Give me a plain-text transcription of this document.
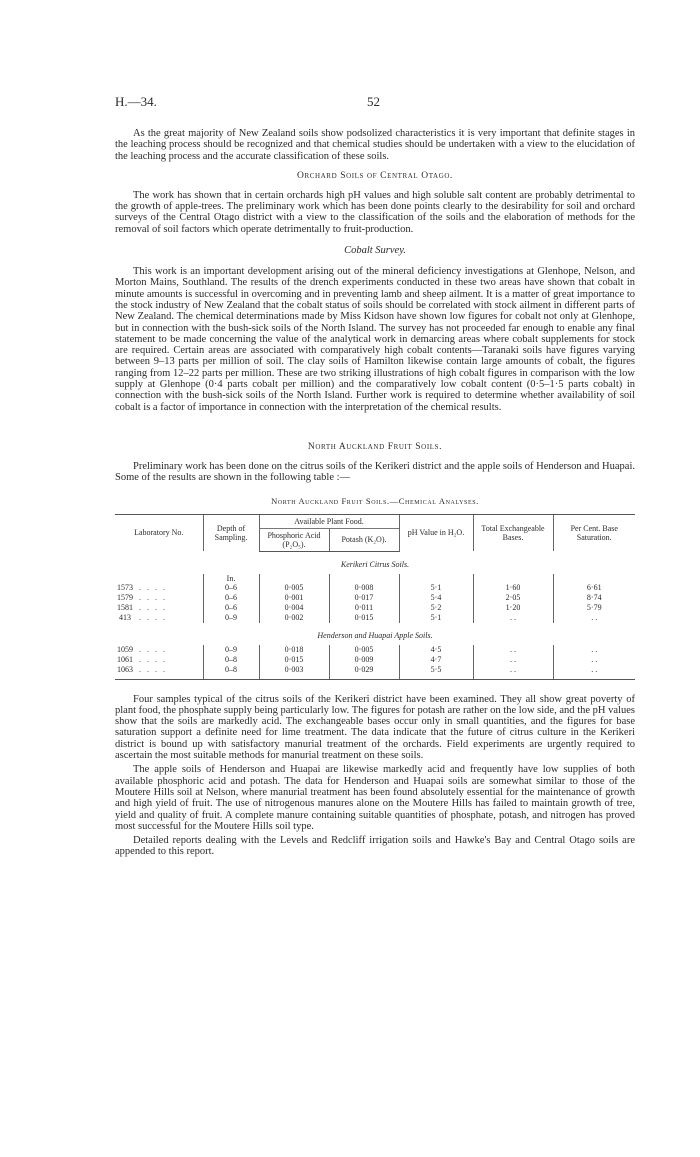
H.—34.	52

As the great majority of New Zealand soils show podsolized characteristics it is very important that definite stages in the leaching process should be recognized and that chemical studies should be undertaken with a view to the elucidation of the leaching process and the accurate classification of these soils.

Orchard Soils of Central Otago.

The work has shown that in certain orchards high pH values and high soluble salt content are probably detrimental to the growth of apple-trees. The preliminary work which has been done points clearly to the desirability for soil and orchard surveys of the Central Otago district with a view to the classification of the soils and the elaboration of methods for the removal of soil factors which operate detrimentally to fruit-production.

Cobalt Survey.

This work is an important development arising out of the mineral deficiency investigations at Glenhope, Nelson, and Morton Mains, Southland. The results of the drench experiments conducted in these two areas have shown that cobalt in minute amounts is successful in overcoming and in preventing lamb and sheep ailment. It is a matter of great importance to the stock industry of New Zealand that the cobalt status of soils should be correlated with stock ailment in different parts of New Zealand. The chemical determinations made by Miss Kidson have shown low figures for cobalt not only at Glenhope, but in connection with the bush-sick soils of the North Island. The survey has not proceeded far enough to enable any final statement to be made concerning the value of the analytical work in demarcing areas where cobalt supplements for stock are required. Certain areas are associated with comparatively high cobalt contents—Taranaki soils have figures varying between 9–13 parts per million of soil. The clay soils of Hamilton likewise contain large amounts of cobalt, the figures ranging from 12–22 parts per million. These are two striking illustrations of high cobalt figures in comparison with the low supply at Glenhope (0·4 parts cobalt per million) and the comparatively low cobalt content (0·5–1·5 parts cobalt) in connection with the bush-sick soils of the North Island. Further work is required to determine whether availability of soil cobalt is a factor of importance in connection with the interpretation of the chemical results.

North Auckland Fruit Soils.

Preliminary work has been done on the citrus soils of the Kerikeri district and the apple soils of Henderson and Huapai. Some of the results are shown in the following table :—

North Auckland Fruit Soils.—Chemical Analyses.
Laboratory No.	Depth of Sampling.	Available Plant Food.		pH Value in H₂O.	Total Exchangeable Bases.	Per Cent. Base Saturation.
		Phosphoric Acid (P₂O₅).	Potash (K₂O).			
Kerikeri Citrus Soils.						
	In.					
1573 . . . .	0–6	0·005	0·008	5·1	1·60	6·61
1579 . . . .	0–6	0·001	0·017	5·4	2·05	8·74
1581 . . . .	0–6	0·004	0·011	5·2	1·20	5·79
413 . . . .	0–9	0·002	0·015	5·1	. .	. .
Henderson and Huapai Apple Soils.						
1059 . . . .	0–9	0·018	0·005	4·5	. .	. .
1061 . . . .	0–8	0·015	0·009	4·7	. .	. .
1063 . . . .	0–8	0·003	0·029	5·5	. .	. .

Four samples typical of the citrus soils of the Kerikeri district have been examined. They all show great poverty of plant food, the phosphate supply being particularly low. The figures for potash are rather on the low side, and the pH values show that the soils are markedly acid. The exchangeable bases occur only in small quantities, and the figures for base saturation support a definite need for lime treatment. The data indicate that the future of citrus culture in the Kerikeri district is bound up with satisfactory manurial treatment of the orchards. Field experiments are urgently required to ascertain the most suitable methods for manurial treatment on these soils.

The apple soils of Henderson and Huapai are likewise markedly acid and frequently have low supplies of both available phosphoric acid and potash. The data for Henderson and Huapai soils are somewhat similar to those of the Moutere Hills soil at Nelson, where manurial treatment has been found absolutely essential for the maintenance of growth and high yield of fruit. The use of nitrogenous manures alone on the Moutere Hills has failed to maintain growth of tree, yield and quality of fruit. A complete manure containing suitable quantities of phosphate, potash, and nitrogen has proved most successful for the Moutere Hills soil type.

Detailed reports dealing with the Levels and Redcliff irrigation soils and Hawke's Bay and Central Otago soils are appended to this report.
